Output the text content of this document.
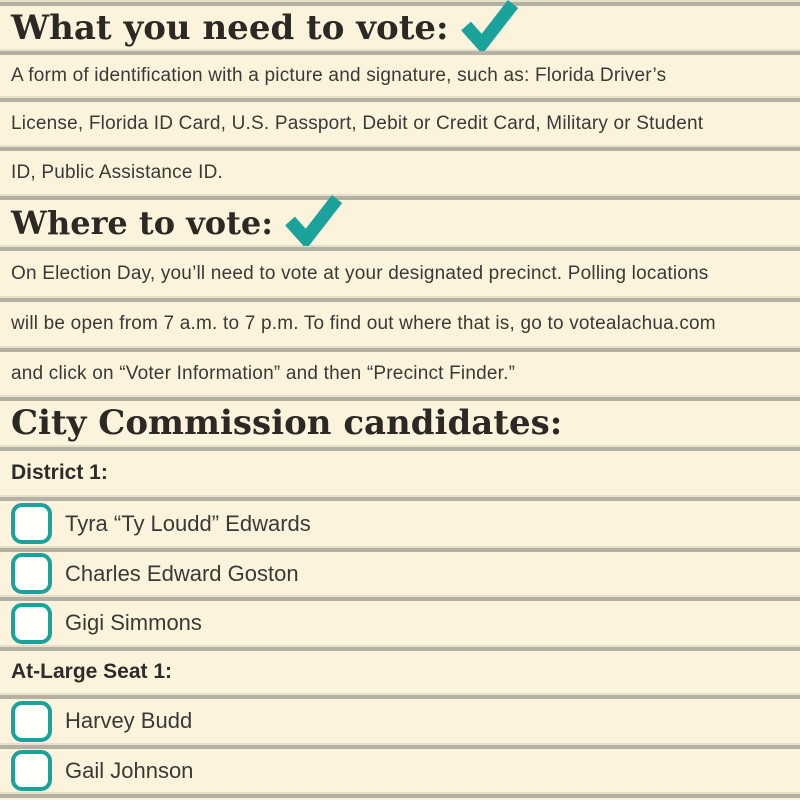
What you need to vote:
A form of identification with a picture and signature, such as: Florida Driver’s
License, Florida ID Card, U.S. Passport, Debit or Credit Card, Military or Student
ID, Public Assistance ID.
Where to vote:
On Election Day, you’ll need to vote at your designated precinct. Polling locations
will be open from 7 a.m. to 7 p.m. To find out where that is, go to votealachua.com
and click on “Voter Information” and then “Precinct Finder.”
City Commission candidates:
District 1:
Tyra “Ty Loudd” Edwards
Charles Edward Goston
Gigi Simmons
At-Large Seat 1:
Harvey Budd
Gail Johnson
